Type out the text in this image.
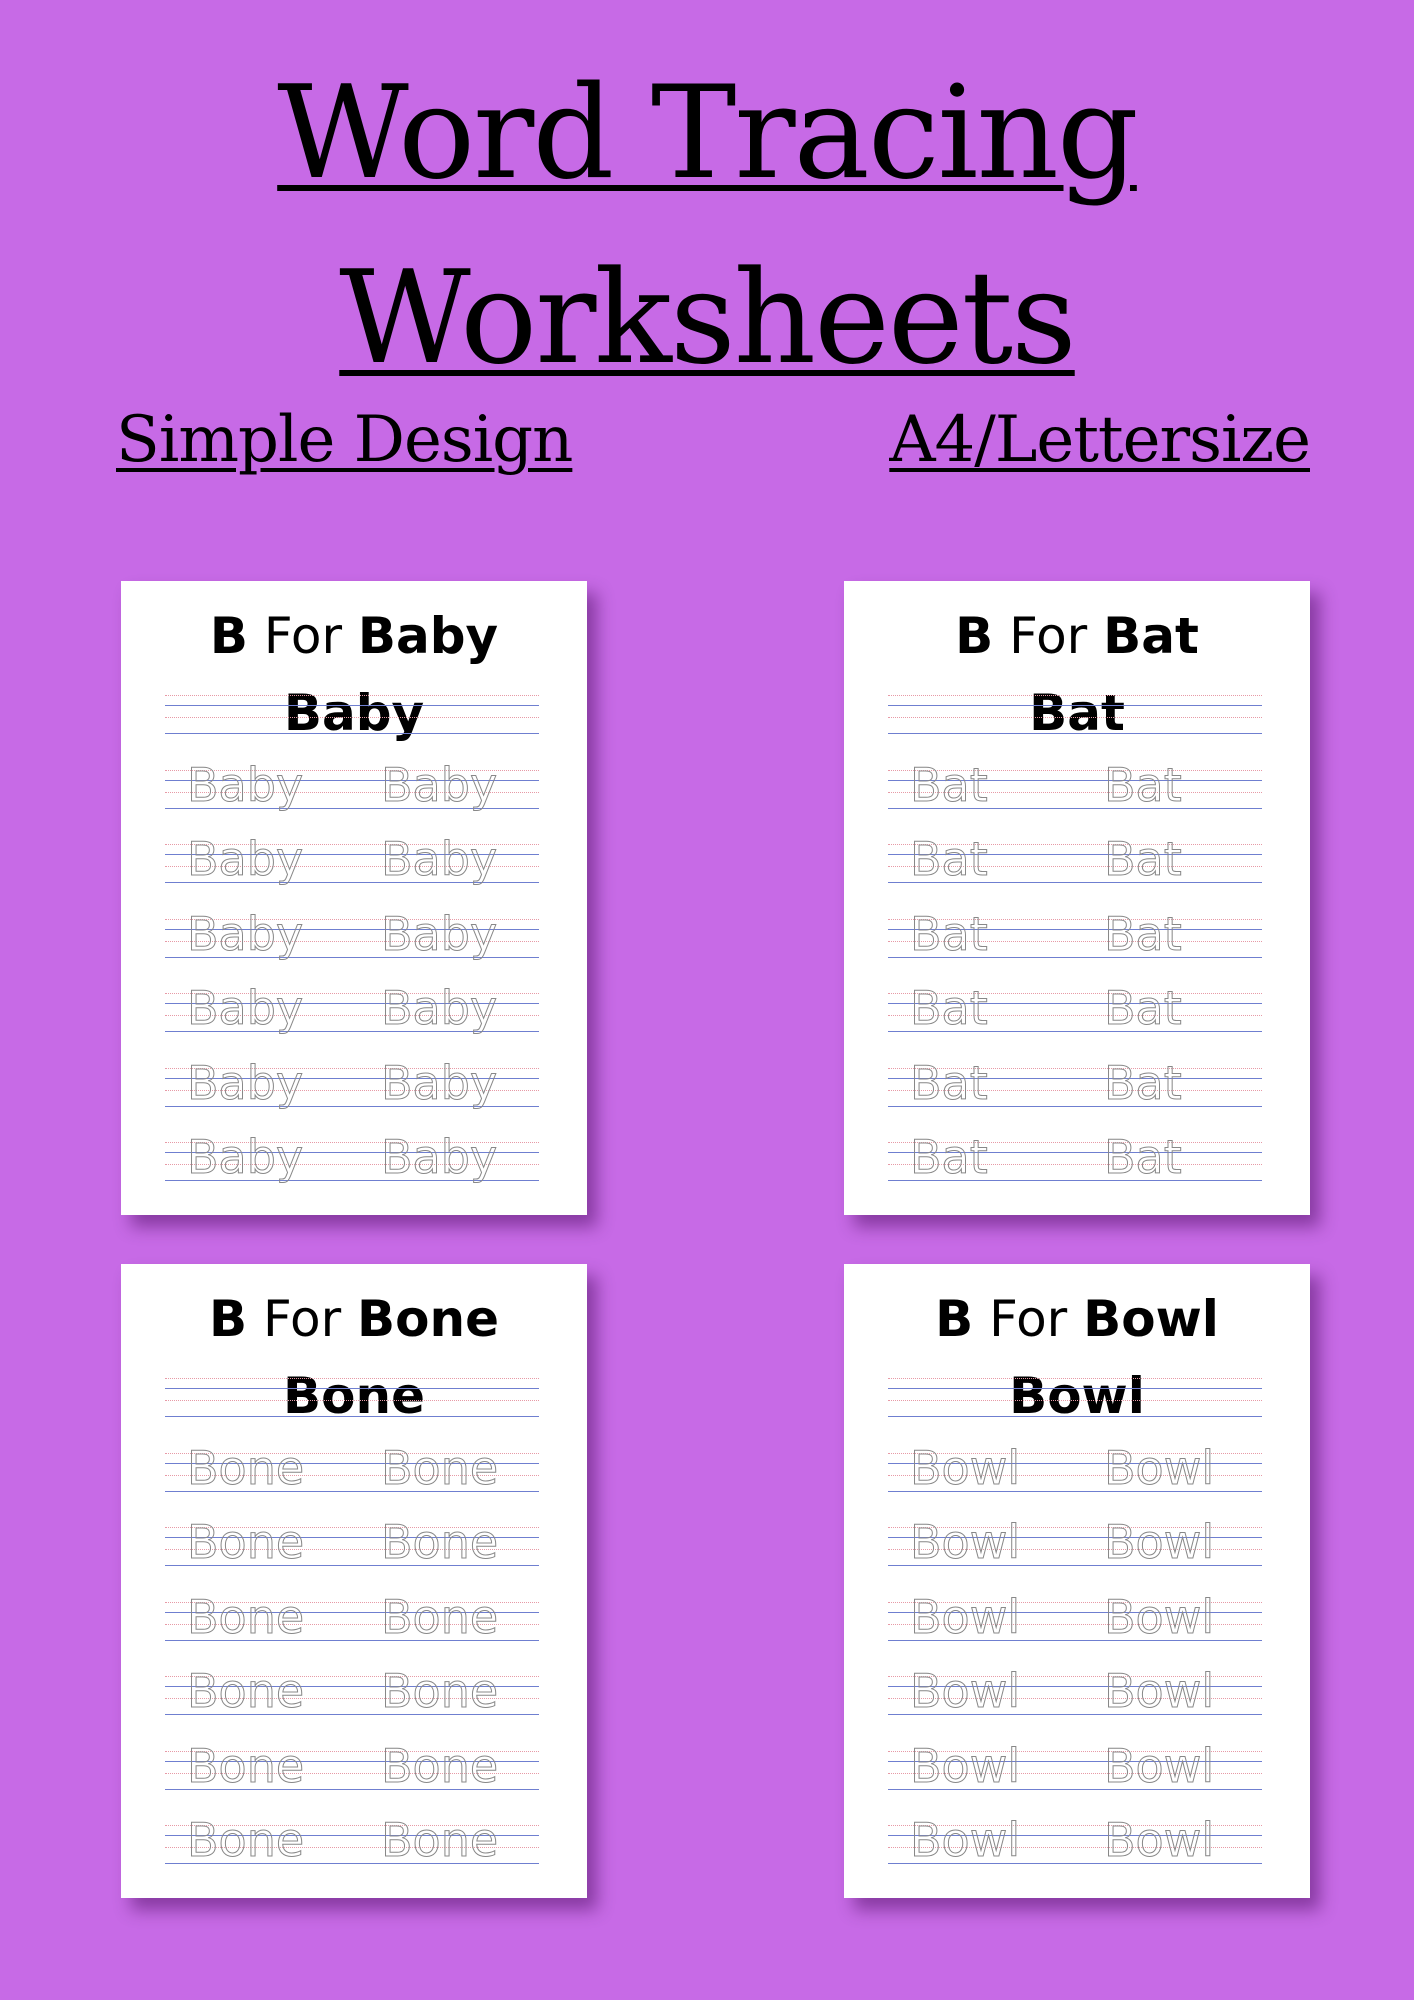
Word Tracing
Worksheets
Simple Design	A4/Lettersize
B For Baby
Baby
Baby Baby
Baby Baby
Baby Baby
Baby Baby
Baby Baby
Baby Baby
B For Bat
Bat
Bat	Bat
Bat	Bat
Bat	Bat
Bat	Bat
Bat	Bat
Bat	Bat
B For Bone
Bone
Bone Bone
Bone Bone
Bone Bone
Bone Bone
Bone Bone
Bone Bone
B For Bowl
Bowl
Bowl Bowl
Bowl Bowl
Bowl Bowl
Bowl Bowl
Bowl Bowl
Bowl Bowl
